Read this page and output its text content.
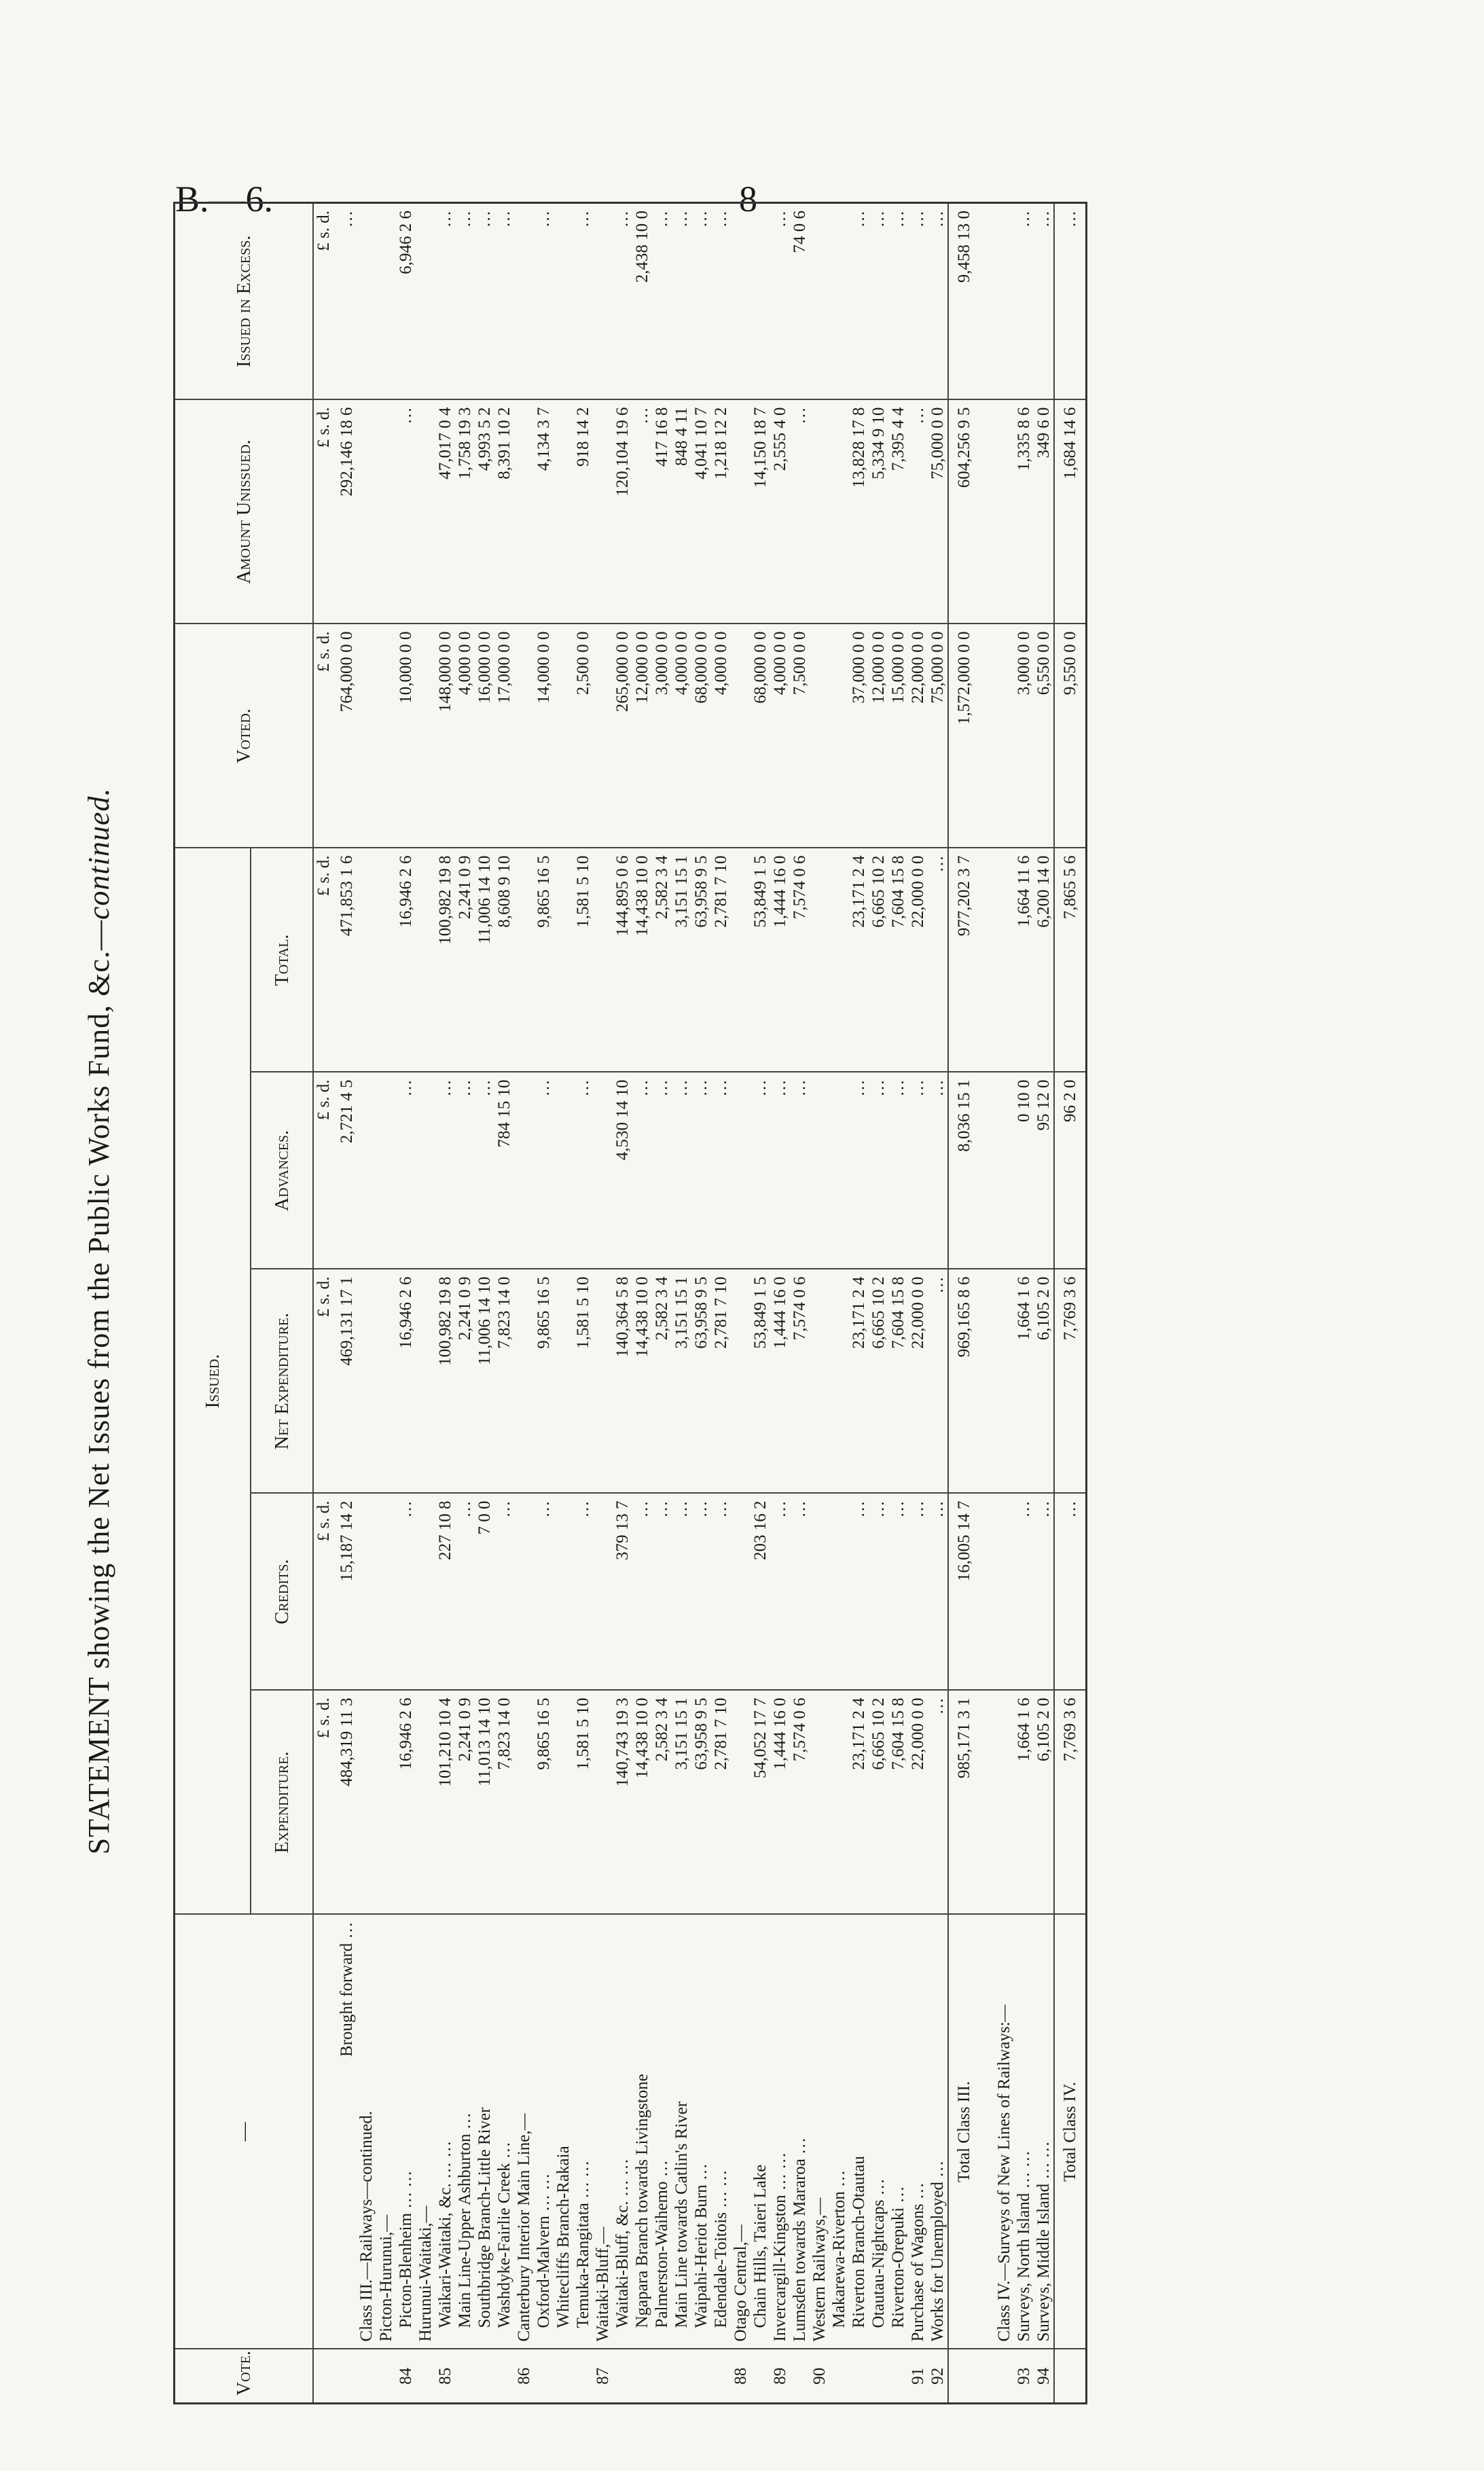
B.—6.	8
STATEMENT showing the Net Issues from the Public Works Fund, &c.—continued.
Vote.	—	Issued.					Voted.	Amount Unissued.	Issued in Excess.
		Expenditure.	Credits.	Net Expenditure.	Advances.	Total.			
		£ s. d.	£ s. d.	£ s. d.	£ s. d.	£ s. d.	£ s. d.	£ s. d.	£ s. d.
	Brought forward …	484,319 11 3	15,187 14 2	469,131 17 1	2,721 4 5	471,853 1 6	764,000 0 0	292,146 18 6	…
	Class III.—Railways—continued.								
	Picton-Hurunui,—								
84	Picton-Blenheim … …	16,946 2 6	…	16,946 2 6	…	16,946 2 6	10,000 0 0	…	6,946 2 6
	Hurunui-Waitaki,—								
85	Waikari-Waitaki, &c. … …	101,210 10 4	227 10 8	100,982 19 8	…	100,982 19 8	148,000 0 0	47,017 0 4	…
	Main Line-Upper Ashburton …	2,241 0 9	…	2,241 0 9	…	2,241 0 9	4,000 0 0	1,758 19 3	…
	Southbridge Branch-Little River	11,013 14 10	7 0 0	11,006 14 10	…	11,006 14 10	16,000 0 0	4,993 5 2	…
	Washdyke-Fairlie Creek …	7,823 14 0	…	7,823 14 0	784 15 10	8,608 9 10	17,000 0 0	8,391 10 2	…
86	Canterbury Interior Main Line,—								
	Oxford-Malvern … …	9,865 16 5	…	9,865 16 5	…	9,865 16 5	14,000 0 0	4,134 3 7	…
	Whitecliffs Branch-Rakaia								
	Temuka-Rangitata … …	1,581 5 10	…	1,581 5 10	…	1,581 5 10	2,500 0 0	918 14 2	…
87	Waitaki-Bluff,—								
	Waitaki-Bluff, &c. … …	140,743 19 3	379 13 7	140,364 5 8	4,530 14 10	144,895 0 6	265,000 0 0	120,104 19 6	…
	Ngapara Branch towards Livingstone	14,438 10 0	…	14,438 10 0	…	14,438 10 0	12,000 0 0	…	2,438 10 0
	Palmerston-Waihemo …	2,582 3 4	…	2,582 3 4	…	2,582 3 4	3,000 0 0	417 16 8	…
	Main Line towards Catlin's River	3,151 15 1	…	3,151 15 1	…	3,151 15 1	4,000 0 0	848 4 11	…
	Waipahi-Heriot Burn …	63,958 9 5	…	63,958 9 5	…	63,958 9 5	68,000 0 0	4,041 10 7	…
	Edendale-Toitois … …	2,781 7 10	…	2,781 7 10	…	2,781 7 10	4,000 0 0	1,218 12 2	…
88	Otago Central,—								
	Chain Hills, Taieri Lake	54,052 17 7	203 16 2	53,849 1 5	…	53,849 1 5	68,000 0 0	14,150 18 7	
89	Invercargill-Kingston … …	1,444 16 0	…	1,444 16 0	…	1,444 16 0	4,000 0 0	2,555 4 0	…
	Lumsden towards Mararoa …	7,574 0 6	…	7,574 0 6	…	7,574 0 6	7,500 0 0	…	74 0 6
90	Western Railways,—								
	Makarewa-Riverton …								
	Riverton Branch-Otautau	23,171 2 4	…	23,171 2 4	…	23,171 2 4	37,000 0 0	13,828 17 8	…
	Otautau-Nightcaps …	6,665 10 2	…	6,665 10 2	…	6,665 10 2	12,000 0 0	5,334 9 10	…
	Riverton-Orepuki …	7,604 15 8	…	7,604 15 8	…	7,604 15 8	15,000 0 0	7,395 4 4	…
91	Purchase of Wagons …	22,000 0 0	…	22,000 0 0	…	22,000 0 0	22,000 0 0	…	…
92	Works for Unemployed …	…	…	…	…	…	75,000 0 0	75,000 0 0	…
	Total Class III.	985,171 3 1	16,005 14 7	969,165 8 6	8,036 15 1	977,202 3 7	1,572,000 0 0	604,256 9 5	9,458 13 0

	Class IV.—Surveys of New Lines of Railways:—								
93	Surveys, North Island … …	1,664 1 6	…	1,664 1 6	0 10 0	1,664 11 6	3,000 0 0	1,335 8 6	…
94	Surveys, Middle Island … …	6,105 2 0	…	6,105 2 0	95 12 0	6,200 14 0	6,550 0 0	349 6 0	…
	Total Class IV.	7,769 3 6	…	7,769 3 6	96 2 0	7,865 5 6	9,550 0 0	1,684 14 6	…
